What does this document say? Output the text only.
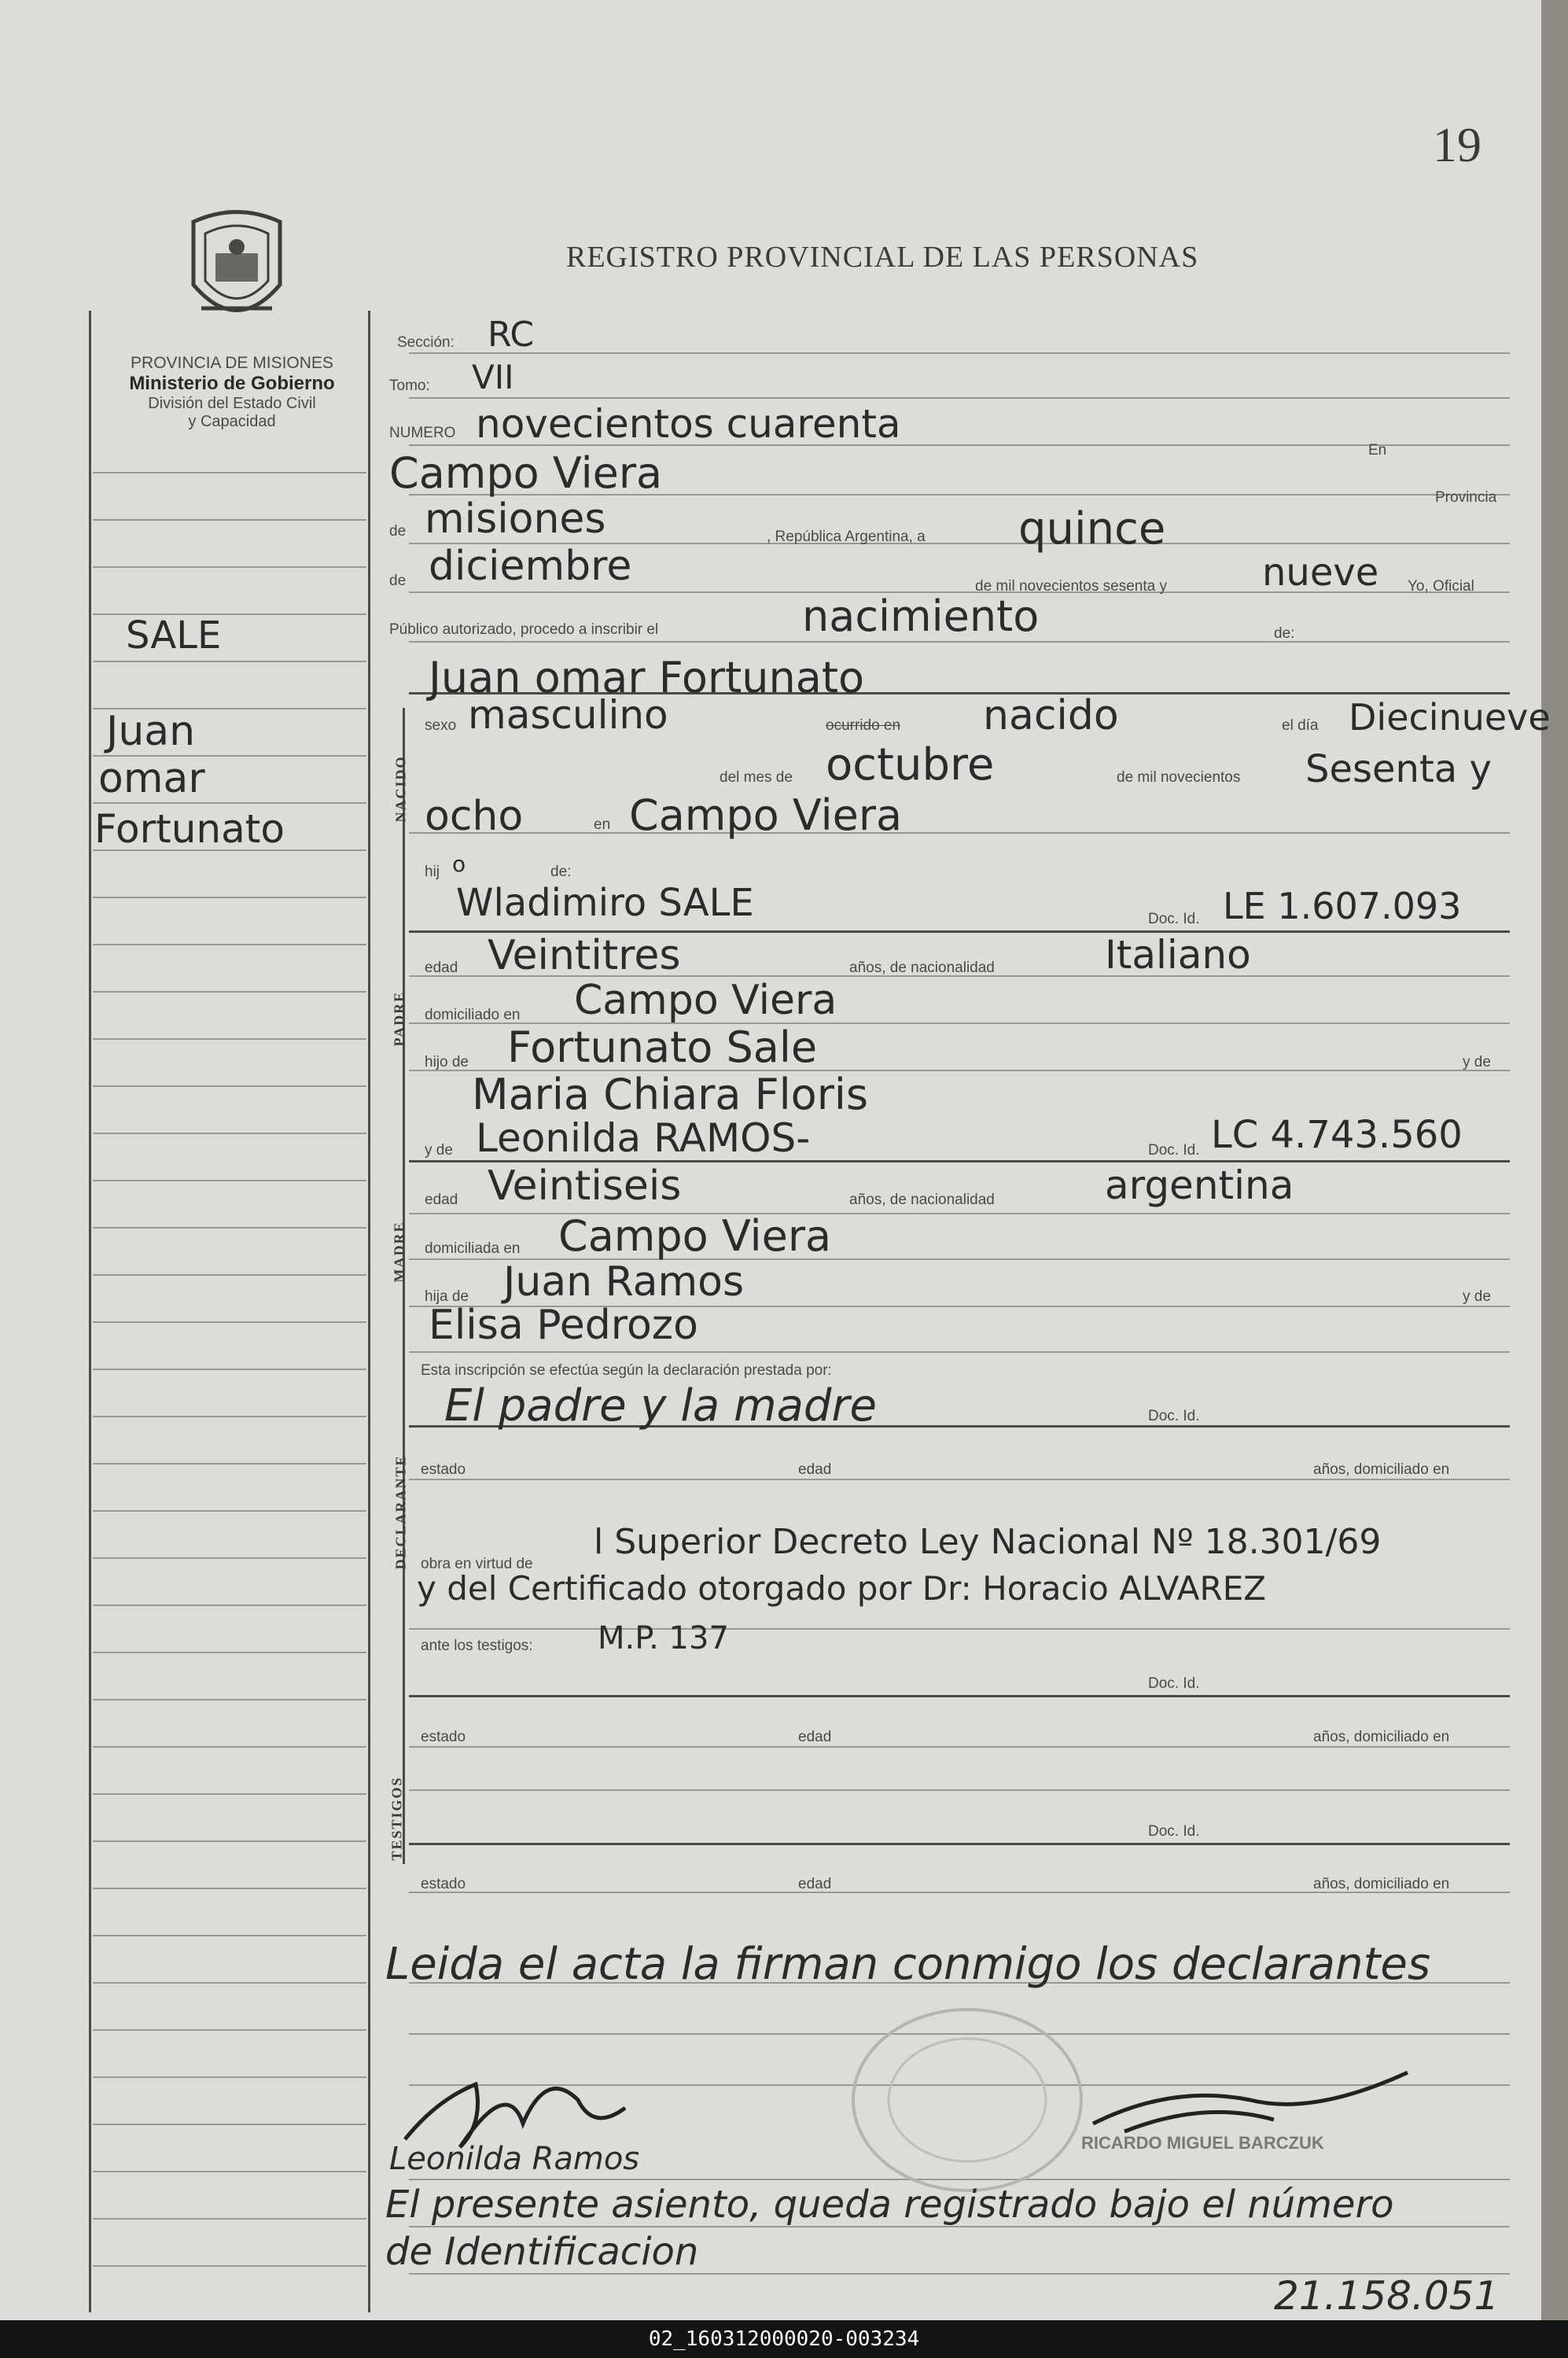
19
REGISTRO PROVINCIAL DE LAS PERSONAS
PROVINCIA DE MISIONES
Ministerio de Gobierno
División del Estado Civil
y Capacidad
SALE
Juan
omar
Fortunato
NACIDO
PADRE
MADRE
DECLARANTE
TESTIGOS
Sección: RC
Tomo: VII
NUMERO novecientos cuarenta
En
Campo Viera	Provincia
de misiones	, República Argentina, a quince
de diciembre	de mil novecientos sesenta y	nueve Yo, Oficial
Público autorizado, procedo a inscribir el	nacimiento	de:
Juan omar Fortunato
sexo masculino	ocurrido en nacido	el día Diecinueve
del mes de octubre	de mil novecientos Sesenta y
ocho	en Campo Viera
hij o	de:
Wladimiro SALE	Doc. Id. LE 1.607.093
edad Veintitres	años, de nacionalidad	Italiano
domiciliado en Campo Viera
hijo de Fortunato Sale	y de
Maria Chiara Floris
y de Leonilda RAMOS-	Doc. Id. LC 4.743.560
edad Veintiseis	años, de nacionalidad	argentina
domiciliada en Campo Viera
hija de Juan Ramos	y de
Elisa Pedrozo
Esta inscripción se efectúa según la declaración prestada por:
El padre y la madre	Doc. Id.
estado	edad	años, domiciliado en
obra en virtud de
l Superior Decreto Ley Nacional Nº 18.301/69
y del Certificado otorgado por Dr: Horacio ALVAREZ
ante los testigos: M.P. 137
Doc. Id.
estado	edad	años, domiciliado en
Doc. Id.
estado	edad	años, domiciliado en
Leida el acta la firman conmigo los declarantes
Leonilda Ramos	RICARDO MIGUEL BARCZUK
El presente asiento, queda registrado bajo el número
de Identificacion
21.158.051
02_160312000020-003234
